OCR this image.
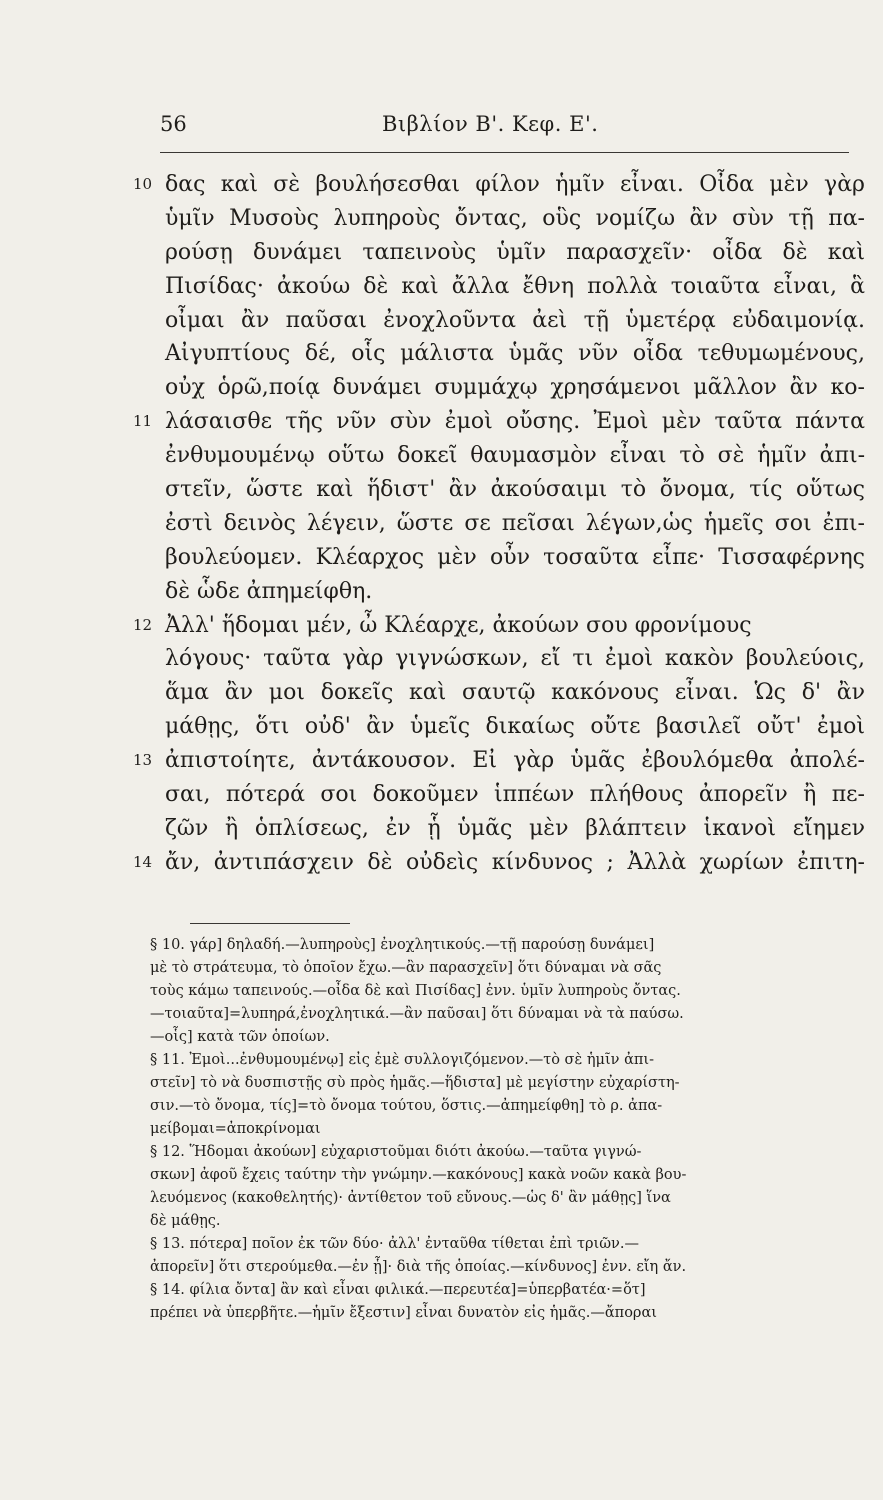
56	Βιβλίον Β'. Κεφ. Ε'.
10 δας καὶ σὲ βουλήσεσθαι φίλον ἡμῖν εἶναι. Οἶδα μὲν γὰρ
ὑμῖν Μυσοὺς λυπηροὺς ὄντας, οὓς νομίζω ἂν σὺν τῇ πα-
ρούσῃ δυνάμει ταπεινοὺς ὑμῖν παρασχεῖν· οἶδα δὲ καὶ
Πισίδας· ἀκούω δὲ καὶ ἄλλα ἔθνη πολλὰ τοιαῦτα εἶναι, ἃ
οἶμαι ἂν παῦσαι ἐνοχλοῦντα ἀεὶ τῇ ὑμετέρᾳ εὐδαιμονίᾳ.
Αἰγυπτίους δέ, οἷς μάλιστα ὑμᾶς νῦν οἶδα τεθυμωμένους,
οὐχ ὁρῶ,ποίᾳ δυνάμει συμμάχῳ χρησάμενοι μᾶλλον ἂν κο-
11 λάσαισθε τῆς νῦν σὺν ἐμοὶ οὔσης. Ἐμοὶ μὲν ταῦτα πάντα
ἐνθυμουμένῳ οὕτω δοκεῖ θαυμασμὸν εἶναι τὸ σὲ ἡμῖν ἀπι-
στεῖν, ὥστε καὶ ἥδιστ' ἂν ἀκούσαιμι τὸ ὄνομα, τίς οὕτως
ἐστὶ δεινὸς λέγειν, ὥστε σε πεῖσαι λέγων,ὡς ἡμεῖς σοι ἐπι-
βουλεύομεν. Κλέαρχος μὲν οὖν τοσαῦτα εἶπε· Τισσαφέρνης
δὲ ὧδε ἀπημείφθη.
12 Ἀλλ' ἥδομαι μέν, ὦ Κλέαρχε, ἀκούων σου φρονίμους
λόγους· ταῦτα γὰρ γιγνώσκων, εἴ τι ἐμοὶ κακὸν βουλεύοις,
ἅμα ἂν μοι δοκεῖς καὶ σαυτῷ κακόνους εἶναι. Ὡς δ' ἂν
μάθῃς, ὅτι οὐδ' ἂν ὑμεῖς δικαίως οὔτε βασιλεῖ οὔτ' ἐμοὶ
13 ἀπιστοίητε, ἀντάκουσον. Εἰ γὰρ ὑμᾶς ἐβουλόμεθα ἀπολέ-
σαι, πότερά σοι δοκοῦμεν ἱππέων πλήθους ἀπορεῖν ἢ πε-
ζῶν ἢ ὁπλίσεως, ἐν ᾗ ὑμᾶς μὲν βλάπτειν ἱκανοὶ εἴημεν
14 ἄν, ἀντιπάσχειν δὲ οὐδεὶς κίνδυνος ; Ἀλλὰ χωρίων ἐπιτη-
§ 10. γάρ] δηλαδή.—λυπηροὺς] ἐνοχλητικούς.—τῇ παρούσῃ δυνάμει]
μὲ τὸ στράτευμα, τὸ ὁποῖον ἔχω.—ἂν παρασχεῖν] ὅτι δύναμαι νὰ σᾶς
τοὺς κάμω ταπεινούς.—οἶδα δὲ καὶ Πισίδας] ἐνν. ὑμῖν λυπηροὺς ὄντας.
—τοιαῦτα]=λυπηρά,ἐνοχλητικά.—ἂν παῦσαι] ὅτι δύναμαι νὰ τὰ παύσω.
—οἷς] κατὰ τῶν ὁποίων.
§ 11. Ἐμοὶ...ἐνθυμουμένῳ] εἰς ἐμὲ συλλογιζόμενον.—τὸ σὲ ἡμῖν ἀπι-
στεῖν] τὸ νὰ δυσπιστῇς σὺ πρὸς ἡμᾶς.—ἥδιστα] μὲ μεγίστην εὐχαρίστη-
σιν.—τὸ ὄνομα, τίς]=τὸ ὄνομα τούτου, ὅστις.—ἀπημείφθη] τὸ ρ. ἀπα-
μείβομαι=ἀποκρίνομαι
§ 12. Ἥδομαι ἀκούων] εὐχαριστοῦμαι διότι ἀκούω.—ταῦτα γιγνώ-
σκων] ἀφοῦ ἔχεις ταύτην τὴν γνώμην.—κακόνους] κακὰ νοῶν κακὰ βου-
λευόμενος (κακοθελητής)· ἀντίθετον τοῦ εὔνους.—ὡς δ' ἂν μάθῃς] ἵνα
δὲ μάθῃς.
§ 13. πότερα] ποῖον ἐκ τῶν δύο· ἀλλ' ἐνταῦθα τίθεται ἐπὶ τριῶν.—
ἀπορεῖν] ὅτι στερούμεθα.—ἐν ᾗ]· διὰ τῆς ὁποίας.—κίνδυνος] ἐνν. εἴη ἄν.
§ 14. φίλια ὄντα] ἂν καὶ εἶναι φιλικά.—περευτέα]=ὑπερβατέα·=ὅτ]
πρέπει νὰ ὑπερβῆτε.—ἡμῖν ἔξεστιν] εἶναι δυνατὸν εἰς ἡμᾶς.—ἄποραι
